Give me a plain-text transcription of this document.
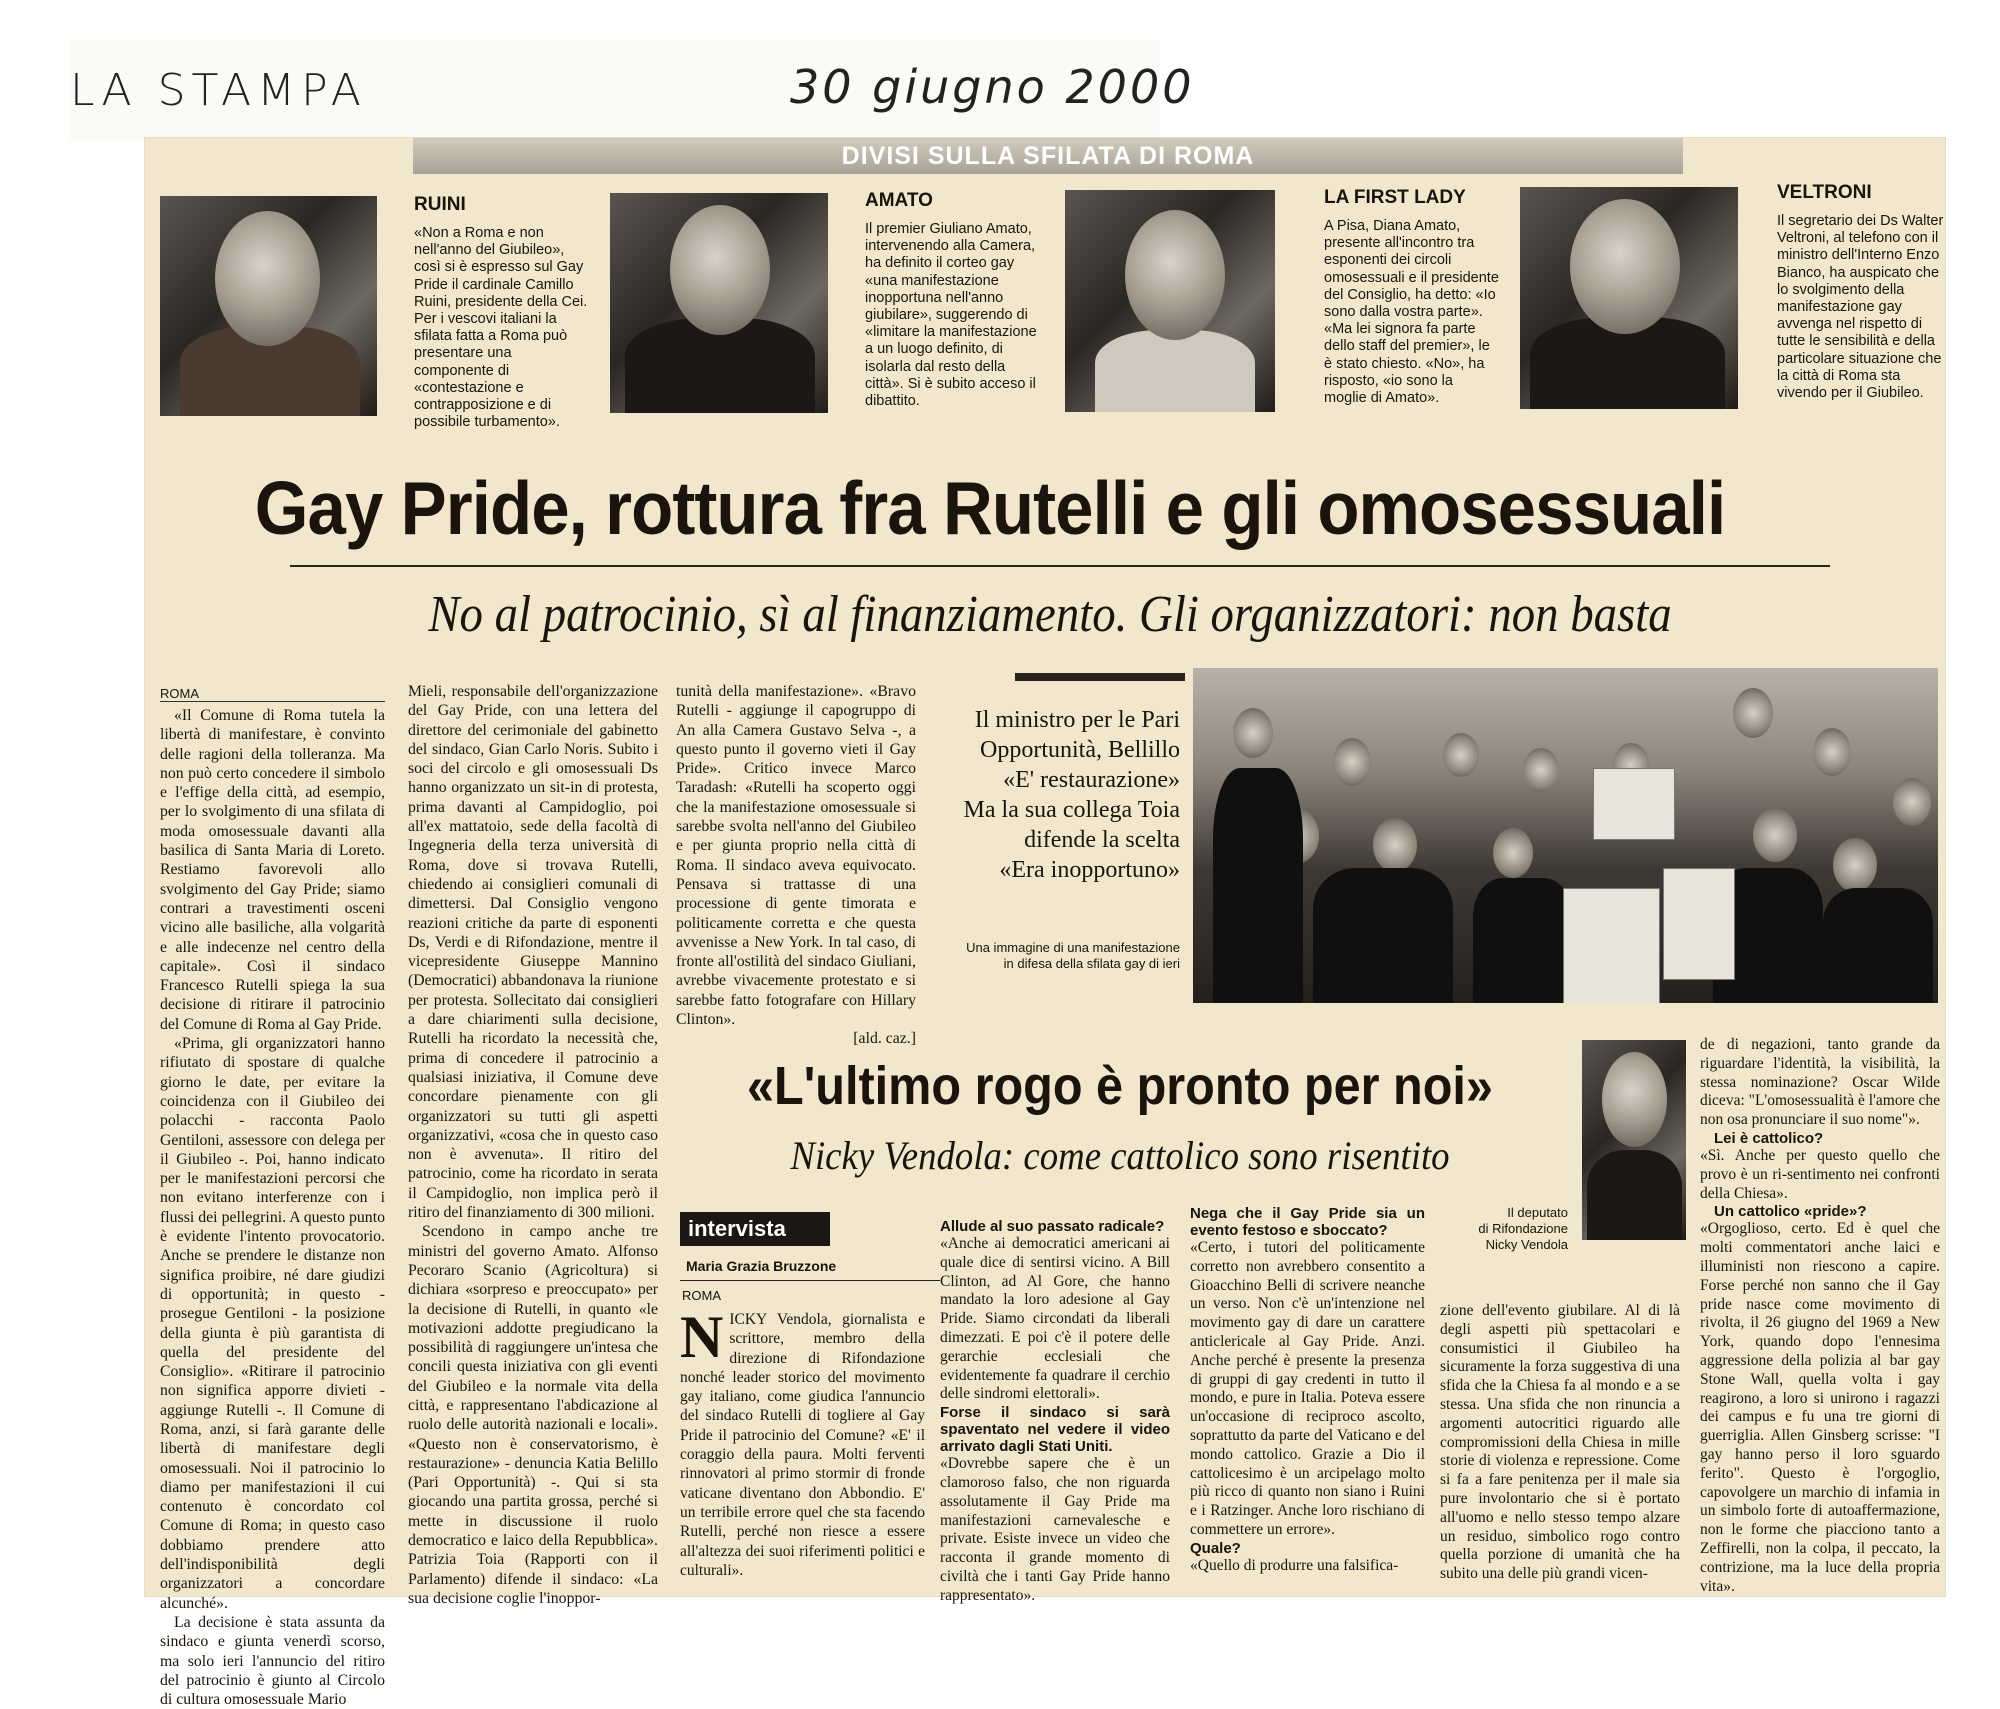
LA STAMPA	30 giugno 2000
DIVISI SULLA SFILATA DI ROMA
RUINI
«Non a Roma e non nell'anno del Giubileo», così si è espresso sul Gay Pride il cardinale Camillo Ruini, presidente della Cei. Per i vescovi italiani la sfilata fatta a Roma può presentare una componente di «contestazione e contrapposizione e di possibile turbamento».
AMATO
Il premier Giuliano Amato, intervenendo alla Camera, ha definito il corteo gay «una manifestazione inopportuna nell'anno giubilare», suggerendo di «limitare la manifestazione a un luogo definito, di isolarla dal resto della città». Si è subito acceso il dibattito.
LA FIRST LADY
A Pisa, Diana Amato, presente all'incontro tra esponenti dei circoli omosessuali e il presidente del Consiglio, ha detto: «Io sono dalla vostra parte». «Ma lei signora fa parte dello staff del premier», le è stato chiesto. «No», ha risposto, «io sono la moglie di Amato».
VELTRONI
Il segretario dei Ds Walter Veltroni, al telefono con il ministro dell'Interno Enzo Bianco, ha auspicato che lo svolgimento della manifestazione gay avvenga nel rispetto di tutte le sensibilità e della particolare situazione che la città di Roma sta vivendo per il Giubileo.
Gay Pride, rottura fra Rutelli e gli omosessuali
No al patrocinio, sì al finanziamento. Gli organizzatori: non basta
ROMA

«Il Comune di Roma tutela la libertà di manifestare, è convinto delle ragioni della tolleranza. Ma non può certo concedere il simbolo e l'effige della città, ad esempio, per lo svolgimento di una sfilata di moda omosessuale davanti alla basilica di Santa Maria di Loreto. Restiamo favorevoli allo svolgimento del Gay Pride; siamo contrari a travestimenti osceni vicino alle basiliche, alla volgarità e alle indecenze nel centro della capitale». Così il sindaco Francesco Rutelli spiega la sua decisione di ritirare il patrocinio del Comune di Roma al Gay Pride.

«Prima, gli organizzatori hanno rifiutato di spostare di qualche giorno le date, per evitare la coincidenza con il Giubileo dei polacchi - racconta Paolo Gentiloni, assessore con delega per il Giubileo -. Poi, hanno indicato per le manifestazioni percorsi che non evitano interferenze con i flussi dei pellegrini. A questo punto è evidente l'intento provocatorio. Anche se prendere le distanze non significa proibire, né dare giudizi di opportunità; in questo - prosegue Gentiloni - la posizione della giunta è più garantista di quella del presidente del Consiglio». «Ritirare il patrocinio non significa apporre divieti - aggiunge Rutelli -. Il Comune di Roma, anzi, si farà garante delle libertà di manifestare degli omosessuali. Noi il patrocinio lo diamo per manifestazioni il cui contenuto è concordato col Comune di Roma; in questo caso dobbiamo prendere atto dell'indisponibilità degli organizzatori a concordare alcunché».

La decisione è stata assunta da sindaco e giunta venerdì scorso, ma solo ieri l'annuncio del ritiro del patrocinio è giunto al Circolo di cultura omosessuale Mario

Mieli, responsabile dell'organizzazione del Gay Pride, con una lettera del direttore del cerimoniale del gabinetto del sindaco, Gian Carlo Noris. Subito i soci del circolo e gli omosessuali Ds hanno organizzato un sit-in di protesta, prima davanti al Campidoglio, poi all'ex mattatoio, sede della facoltà di Ingegneria della terza università di Roma, dove si trovava Rutelli, chiedendo ai consiglieri comunali di dimettersi. Dal Consiglio vengono reazioni critiche da parte di esponenti Ds, Verdi e di Rifondazione, mentre il vicepresidente Giuseppe Mannino (Democratici) abbandonava la riunione per protesta. Sollecitato dai consiglieri a dare chiarimenti sulla decisione, Rutelli ha ricordato la necessità che, prima di concedere il patrocinio a qualsiasi iniziativa, il Comune deve concordare pienamente con gli organizzatori su tutti gli aspetti organizzativi, «cosa che in questo caso non è avvenuta». Il ritiro del patrocinio, come ha ricordato in serata il Campidoglio, non implica però il ritiro del finanziamento di 300 milioni.

Scendono in campo anche tre ministri del governo Amato. Alfonso Pecoraro Scanio (Agricoltura) si dichiara «sorpreso e preoccupato» per la decisione di Rutelli, in quanto «le motivazioni addotte pregiudicano la possibilità di raggiungere un'intesa che concili questa iniziativa con gli eventi del Giubileo e la normale vita della città, e rappresentano l'abdicazione al ruolo delle autorità nazionali e locali». «Questo non è conservatorismo, è restaurazione» - denuncia Katia Belillo (Pari Opportunità) -. Qui si sta giocando una partita grossa, perché si mette in discussione il ruolo democratico e laico della Repubblica». Patrizia Toia (Rapporti con il Parlamento) difende il sindaco: «La sua decisione coglie l'inoppor-

tunità della manifestazione». «Bravo Rutelli - aggiunge il capogruppo di An alla Camera Gustavo Selva -, a questo punto il governo vieti il Gay Pride». Critico invece Marco Taradash: «Rutelli ha scoperto oggi che la manifestazione omosessuale si sarebbe svolta nell'anno del Giubileo e per giunta proprio nella città di Roma. Il sindaco aveva equivocato. Pensava si trattasse di una processione di gente timorata e politicamente corretta e che questa avvenisse a New York. In tal caso, di fronte all'ostilità del sindaco Giuliani, avrebbe vivacemente protestato e si sarebbe fatto fotografare con Hillary Clinton».

[ald. caz.]

Il ministro per le Pari
Opportunità, Bellillo
«E' restaurazione»
Ma la sua collega Toia
difende la scelta
«Era inopportuno»
Una immagine di una manifestazione
in difesa della sfilata gay di ieri
«L'ultimo rogo è pronto per noi»
Nicky Vendola: come cattolico sono risentito
Il deputato
di Rifondazione
Nicky Vendola
intervista
Maria Grazia Bruzzone
ROMA
NICKY Vendola, giornalista e scrittore, membro della direzione di Rifondazione nonché leader storico del movimento gay italiano, come giudica l'annuncio del sindaco Rutelli di togliere al Gay Pride il patrocinio del Comune? «E' il coraggio della paura. Molti ferventi rinnovatori al primo stormir di fronde vaticane diventano don Abbondio. E' un terribile errore quel che sta facendo Rutelli, perché non riesce a essere all'altezza dei suoi riferimenti politici e culturali».
Allude al suo passato radicale?
«Anche ai democratici americani ai quale dice di sentirsi vicino. A Bill Clinton, ad Al Gore, che hanno mandato la loro adesione al Gay Pride. Siamo circondati da liberali dimezzati. E poi c'è il potere delle gerarchie ecclesiali che evidentemente fa quadrare il cerchio delle sindromi elettorali».
Forse il sindaco si sarà spaventato nel vedere il video arrivato dagli Stati Uniti.
«Dovrebbe sapere che è un clamoroso falso, che non riguarda assolutamente il Gay Pride ma manifestazioni carnevalesche e private. Esiste invece un video che racconta il grande momento di civiltà che i tanti Gay Pride hanno rappresentato».
Nega che il Gay Pride sia un evento festoso e sboccato?
«Certo, i tutori del politicamente corretto non avrebbero consentito a Gioacchino Belli di scrivere neanche un verso. Non c'è un'intenzione nel movimento gay di dare un carattere anticlericale al Gay Pride. Anzi. Anche perché è presente la presenza di gruppi di gay credenti in tutto il mondo, e pure in Italia. Poteva essere un'occasione di reciproco ascolto, soprattutto da parte del Vaticano e del mondo cattolico. Grazie a Dio il cattolicesimo è un arcipelago molto più ricco di quanto non siano i Ruini e i Ratzinger. Anche loro rischiano di commettere un errore».
Quale?
«Quello di produrre una falsifica-
zione dell'evento giubilare. Al di là degli aspetti più spettacolari e consumistici il Giubileo ha sicuramente la forza suggestiva di una sfida che la Chiesa fa al mondo e a se stessa. Una sfida che non rinuncia a argomenti autocritici riguardo alle compromissioni della Chiesa in mille storie di violenza e repressione. Come si fa a fare penitenza per il male sia pure involontario che si è portato all'uomo e nello stesso tempo alzare un residuo, simbolico rogo contro quella porzione di umanità che ha subito una delle più grandi vicen-
de di negazioni, tanto grande da riguardare l'identità, la visibilità, la stessa nominazione? Oscar Wilde diceva: "L'omosessualità è l'amore che non osa pronunciare il suo nome"».
Lei è cattolico?
«Sì. Anche per questo quello che provo è un ri-sentimento nei confronti della Chiesa».
Un cattolico «pride»?
«Orgoglioso, certo. Ed è quel che molti commentatori anche laici e illuministi non riescono a capire. Forse perché non sanno che il Gay pride nasce come movimento di rivolta, il 26 giugno del 1969 a New York, quando dopo l'ennesima aggressione della polizia al bar gay Stone Wall, quella volta i gay reagirono, a loro si unirono i ragazzi dei campus e fu una tre giorni di guerriglia. Allen Ginsberg scrisse: "I gay hanno perso il loro sguardo ferito". Questo è l'orgoglio, capovolgere un marchio di infamia in un simbolo forte di autoaffermazione, non le forme che piacciono tanto a Zeffirelli, non la colpa, il peccato, la contrizione, ma la luce della propria vita».
